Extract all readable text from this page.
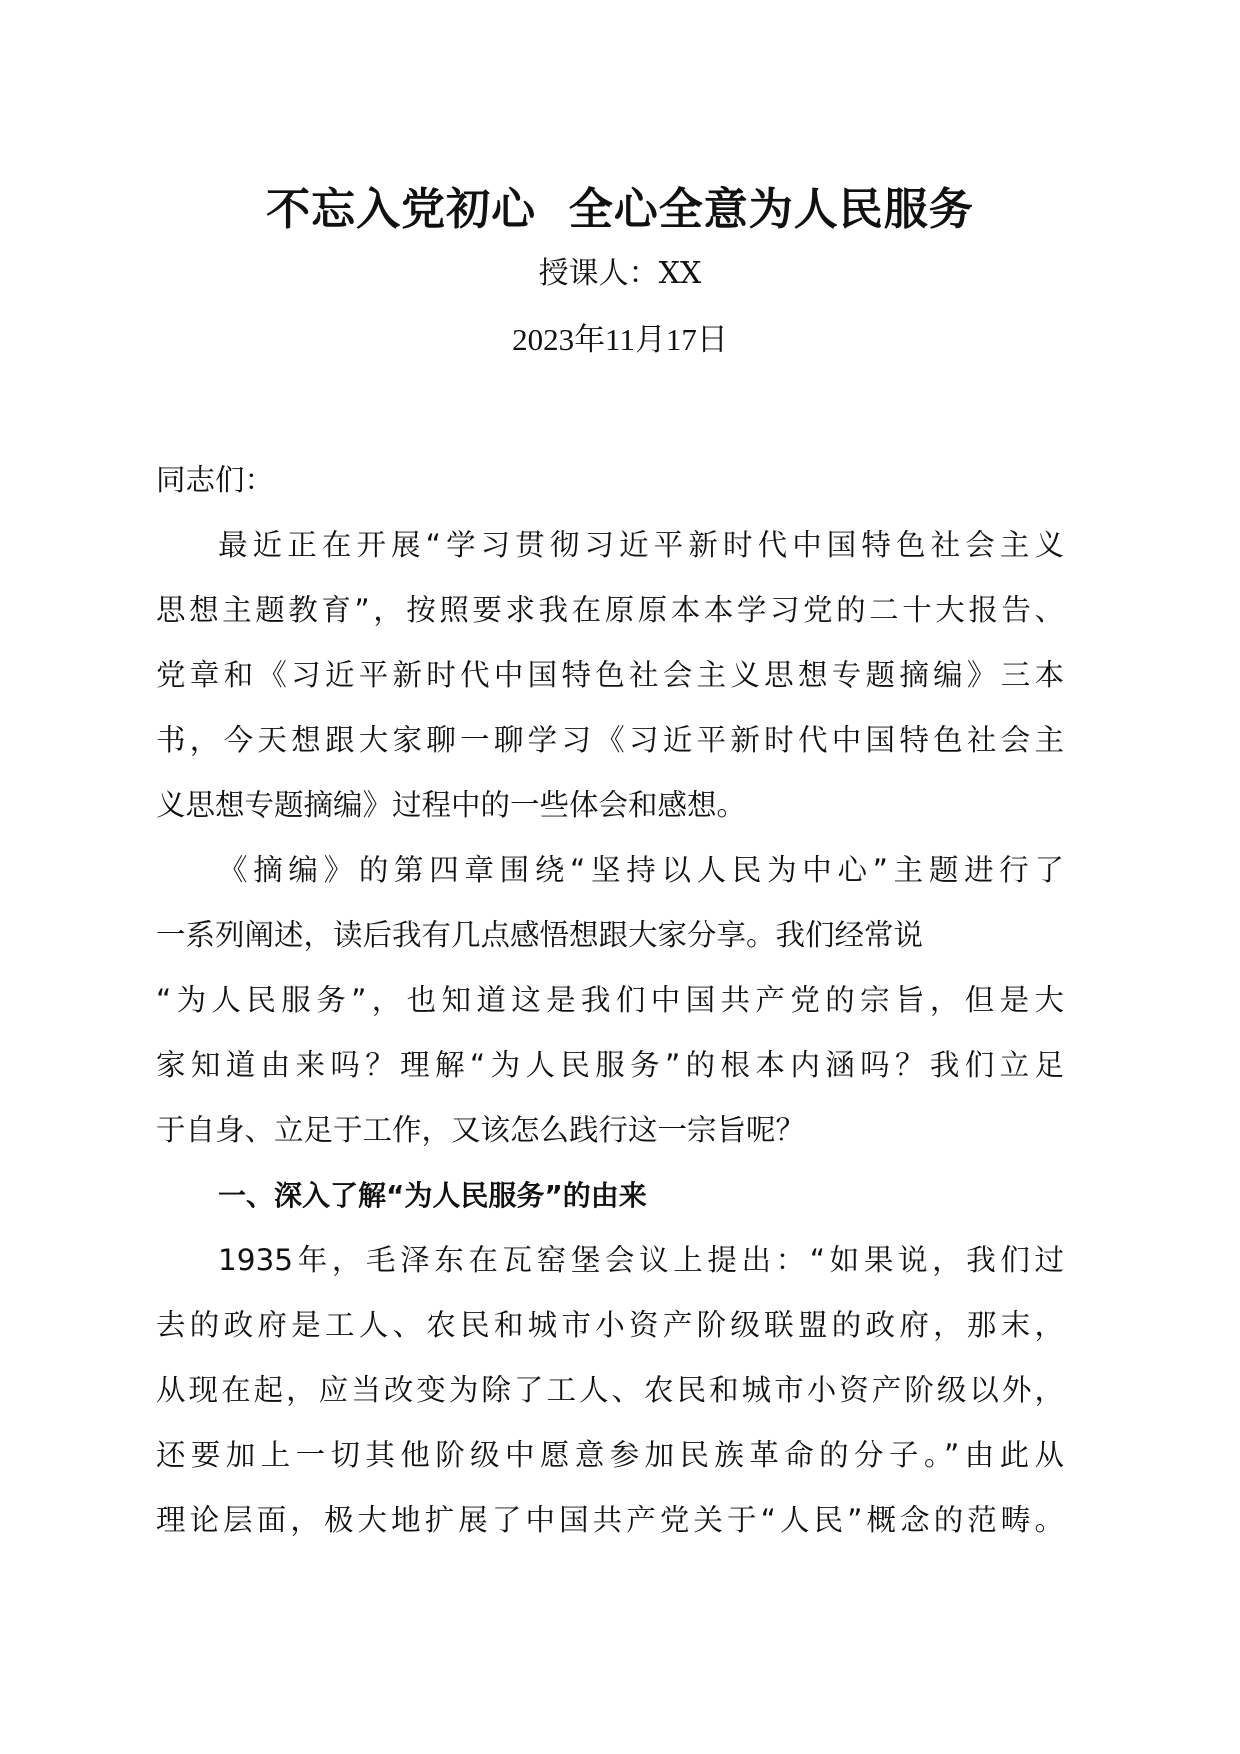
不忘入党初心  全心全意为人民服务
授课人：XX
2023年11月17日
同志们：
最近正在开展“学习贯彻习近平新时代中国特色社会主义
思想主题教育”，按照要求我在原原本本学习党的二十大报告、
党章和《习近平新时代中国特色社会主义思想专题摘编》三本
书，今天想跟大家聊一聊学习《习近平新时代中国特色社会主
义思想专题摘编》过程中的一些体会和感想。
《摘编》的第四章围绕“坚持以人民为中心”主题进行了
一系列阐述，读后我有几点感悟想跟大家分享。我们经常说
“为人民服务”，也知道这是我们中国共产党的宗旨，但是大
家知道由来吗？理解“为人民服务”的根本内涵吗？我们立足
于自身、立足于工作，又该怎么践行这一宗旨呢？
一、深入了解“为人民服务”的由来
1935年，毛泽东在瓦窑堡会议上提出：“如果说，我们过
去的政府是工人、农民和城市小资产阶级联盟的政府，那末，
从现在起，应当改变为除了工人、农民和城市小资产阶级以外，
还要加上一切其他阶级中愿意参加民族革命的分子。”由此从
理论层面，极大地扩展了中国共产党关于“人民”概念的范畴。
